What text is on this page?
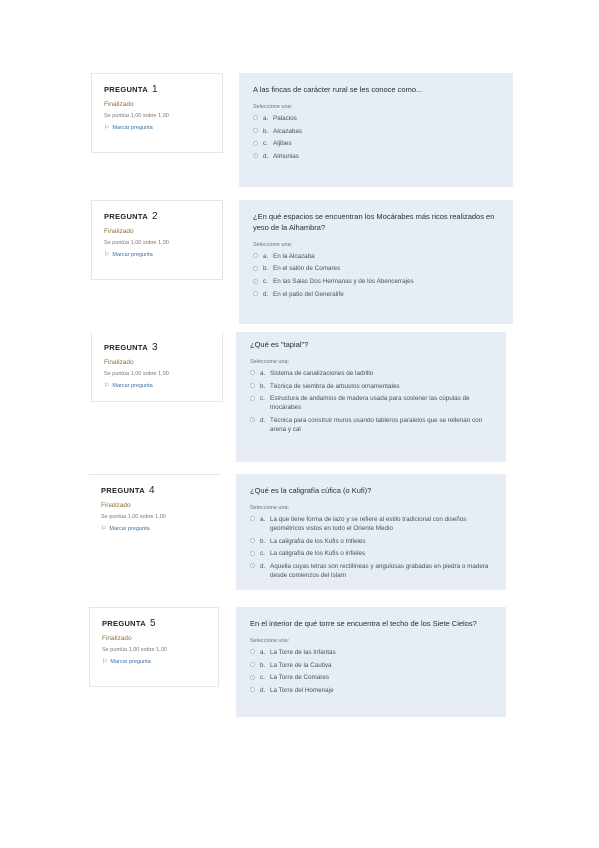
PREGUNTA 1
Finalizado
Se puntúa 1,00 sobre 1,00
⚐ Marcar pregunta
A las fincas de carácter rural se les conoce como...
Seleccione una:
a. Palacios
b. Alcazabas
c. Aljibes
d. Almunias
PREGUNTA 2
Finalizado
Se puntúa 1,00 sobre 1,00
⚐ Marcar pregunta
¿En qué espacios se encuentran los Mocárabes más ricos realizados en yeso de la Alhambra?
Seleccione una:
a. En la Alcazaba
b. En el salón de Comares
c. En las Salas Dos Hermanas y de los Abencerrajes
d. En el patio del Generalife
PREGUNTA 3
Finalizado
Se puntúa 1,00 sobre 1,00
⚐ Marcar pregunta
¿Qué es "tapial"?
Seleccione una:
a. Sistema de canalizaciones de ladrillo
b. Técnica de siembra de arbustos ornamentales
c. Estructura de andamios de madera usada para sostener las cúpulas de mocárabes
d. Técnica para construir muros usando tableros paralelos que se rellenan con arena y cal
PREGUNTA 4
Finalizado
Se puntúa 1,00 sobre 1,00
⚐ Marcar pregunta
¿Qué es la caligrafía cúfica (o Kufi)?
Seleccione una:
a. La que tiene forma de lazo y se refiere al estilo tradicional con diseños geométricos vistos en todo el Oriente Medio
b. La caligrafía de los Kufis o Infieles
c. La caligrafía de los Kufis o infieles
d. Aquella cuyas letras son rectilíneas y angulosas grabadas en piedra o madera desde comienzos del Islam
PREGUNTA 5
Finalizado
Se puntúa 1,00 sobre 1,00
⚐ Marcar pregunta
En el interior de qué torre se encuentra el techo de los Siete Cielos?
Seleccione una:
a. La Torre de las Infantas
b. La Torre de la Cautiva
c. La Torre de Comares
d. La Torre del Homenaje
